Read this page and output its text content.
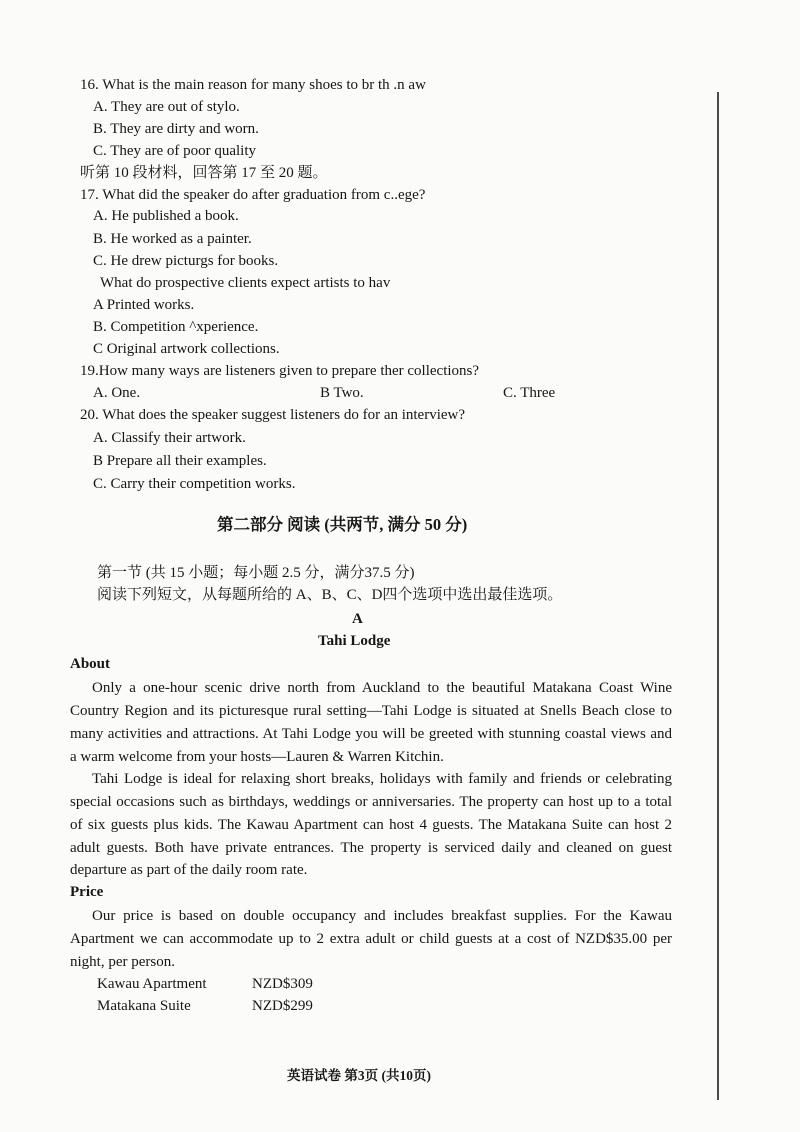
16. What is the main reason for many shoes to br th .n aw
A. They are out of stylo.
B. They are dirty and worn.
C. They are of poor quality
听第 10 段材料，回答第 17 至 20 题。
17. What did the speaker do after graduation from c..ege?
A. He published a book.
B. He worked as a painter.
C. He drew picturgs for books.
What do prospective clients expect artists to hav
A Printed works.
B. Competition ^xperience.
C Original artwork collections.
19.How many ways are listeners given to prepare ther collections?
A. One.	B Two.	C. Three
20. What does the speaker suggest listeners do for an interview?
A. Classify their artwork.
B Prepare all their examples.
C. Carry their competition works.
第二部分 阅读 (共两节, 满分 50 分)
第一节 (共 15 小题；每小题 2.5 分，满分37.5 分)
阅读下列短文，从每题所给的 A、B、C、D四个选项中选出最佳选项。
A
Tahi Lodge
About
Only a one-hour scenic drive north from Auckland to the beautiful Matakana Coast Wine
Country Region and its picturesque rural setting—Tahi Lodge is situated at Snells Beach close to
many activities and attractions. At Tahi Lodge you will be greeted with stunning coastal views and
a warm welcome from your hosts—Lauren & Warren Kitchin.
Tahi Lodge is ideal for relaxing short breaks, holidays with family and friends or celebrating
special occasions such as birthdays, weddings or anniversaries. The property can host up to a total
of six guests plus kids. The Kawau Apartment can host 4 guests. The Matakana Suite can host 2
adult guests. Both have private entrances. The property is serviced daily and cleaned on guest
departure as part of the daily room rate.
Price
Our price is based on double occupancy and includes breakfast supplies. For the Kawau
Apartment we can accommodate up to 2 extra adult or child guests at a cost of NZD$35.00 per
night, per person.
Kawau Apartment	NZD$309
Matakana Suite	NZD$299
英语试卷 第3页 (共10页)
